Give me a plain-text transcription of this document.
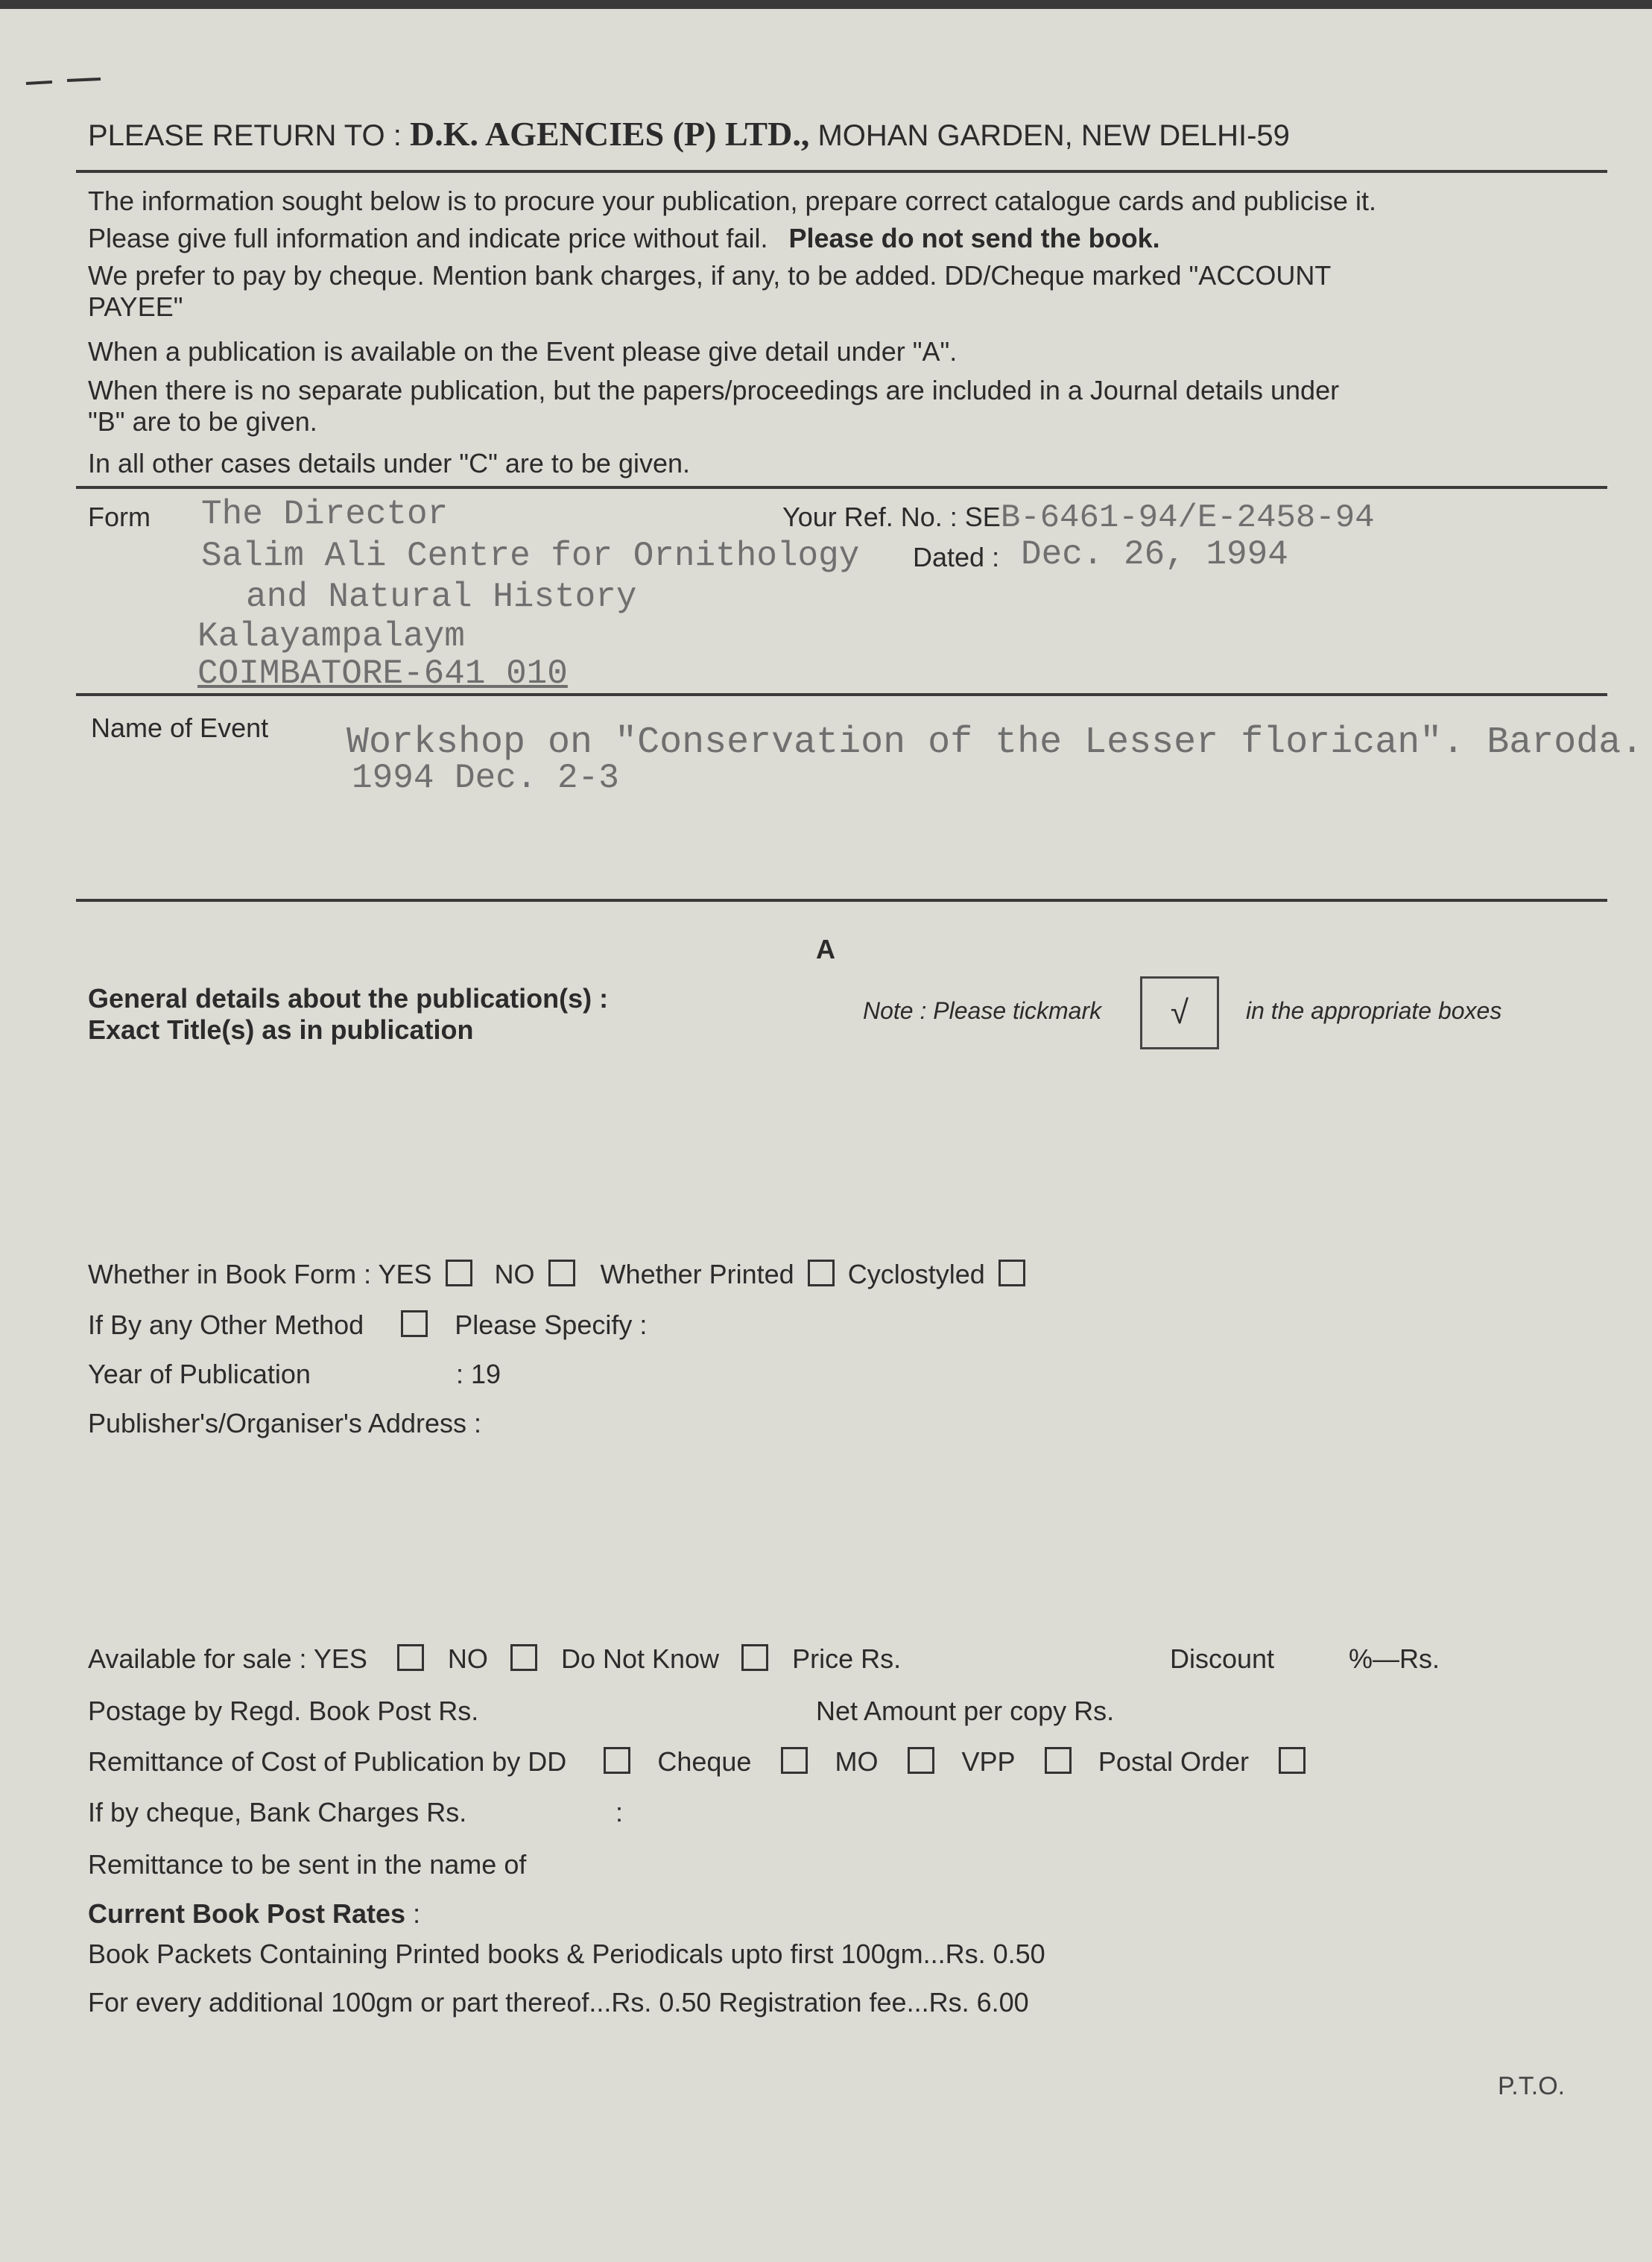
PLEASE RETURN TO : D.K. AGENCIES (P) LTD., MOHAN GARDEN, NEW DELHI-59
The information sought below is to procure your publication, prepare correct catalogue cards and publicise it.
Please give full information and indicate price without fail. Please do not send the book.
We prefer to pay by cheque. Mention bank charges, if any, to be added. DD/Cheque marked "ACCOUNT
PAYEE"
When a publication is available on the Event please give detail under "A".
When there is no separate publication, but the papers/proceedings are included in a Journal details under
"B" are to be given.
In all other cases details under "C" are to be given.
Form The Director
Salim Ali Centre for Ornithology
and Natural History
Kalayampalaym
COIMBATORE-641 010
Your Ref. No. : SEB-6461-94/E-2458-94
Dated : Dec. 26, 1994
Name of Event Workshop on "Conservation of the Lesser florican". Baroda.
1994 Dec. 2-3
A
General details about the publication(s) :
Exact Title(s) as in publication
Note : Please tickmark √ in the appropriate boxes
Whether in Book Form : YES NO Whether Printed Cyclostyled
If By any Other Method	Please Specify :
Year of Publication	: 19
Publisher's/Organiser's Address :
Available for sale : YES	NO	Do Not Know	Price Rs.	Discount	%—Rs.
Postage by Regd. Book Post Rs.	Net Amount per copy Rs.
Remittance of Cost of Publication by DD	Cheque	MO	VPP	Postal Order
If by cheque, Bank Charges Rs.	:
Remittance to be sent in the name of
Current Book Post Rates :
Book Packets Containing Printed books & Periodicals upto first 100gm...Rs. 0.50
For every additional 100gm or part thereof...Rs. 0.50 Registration fee...Rs. 6.00
P.T.O.
